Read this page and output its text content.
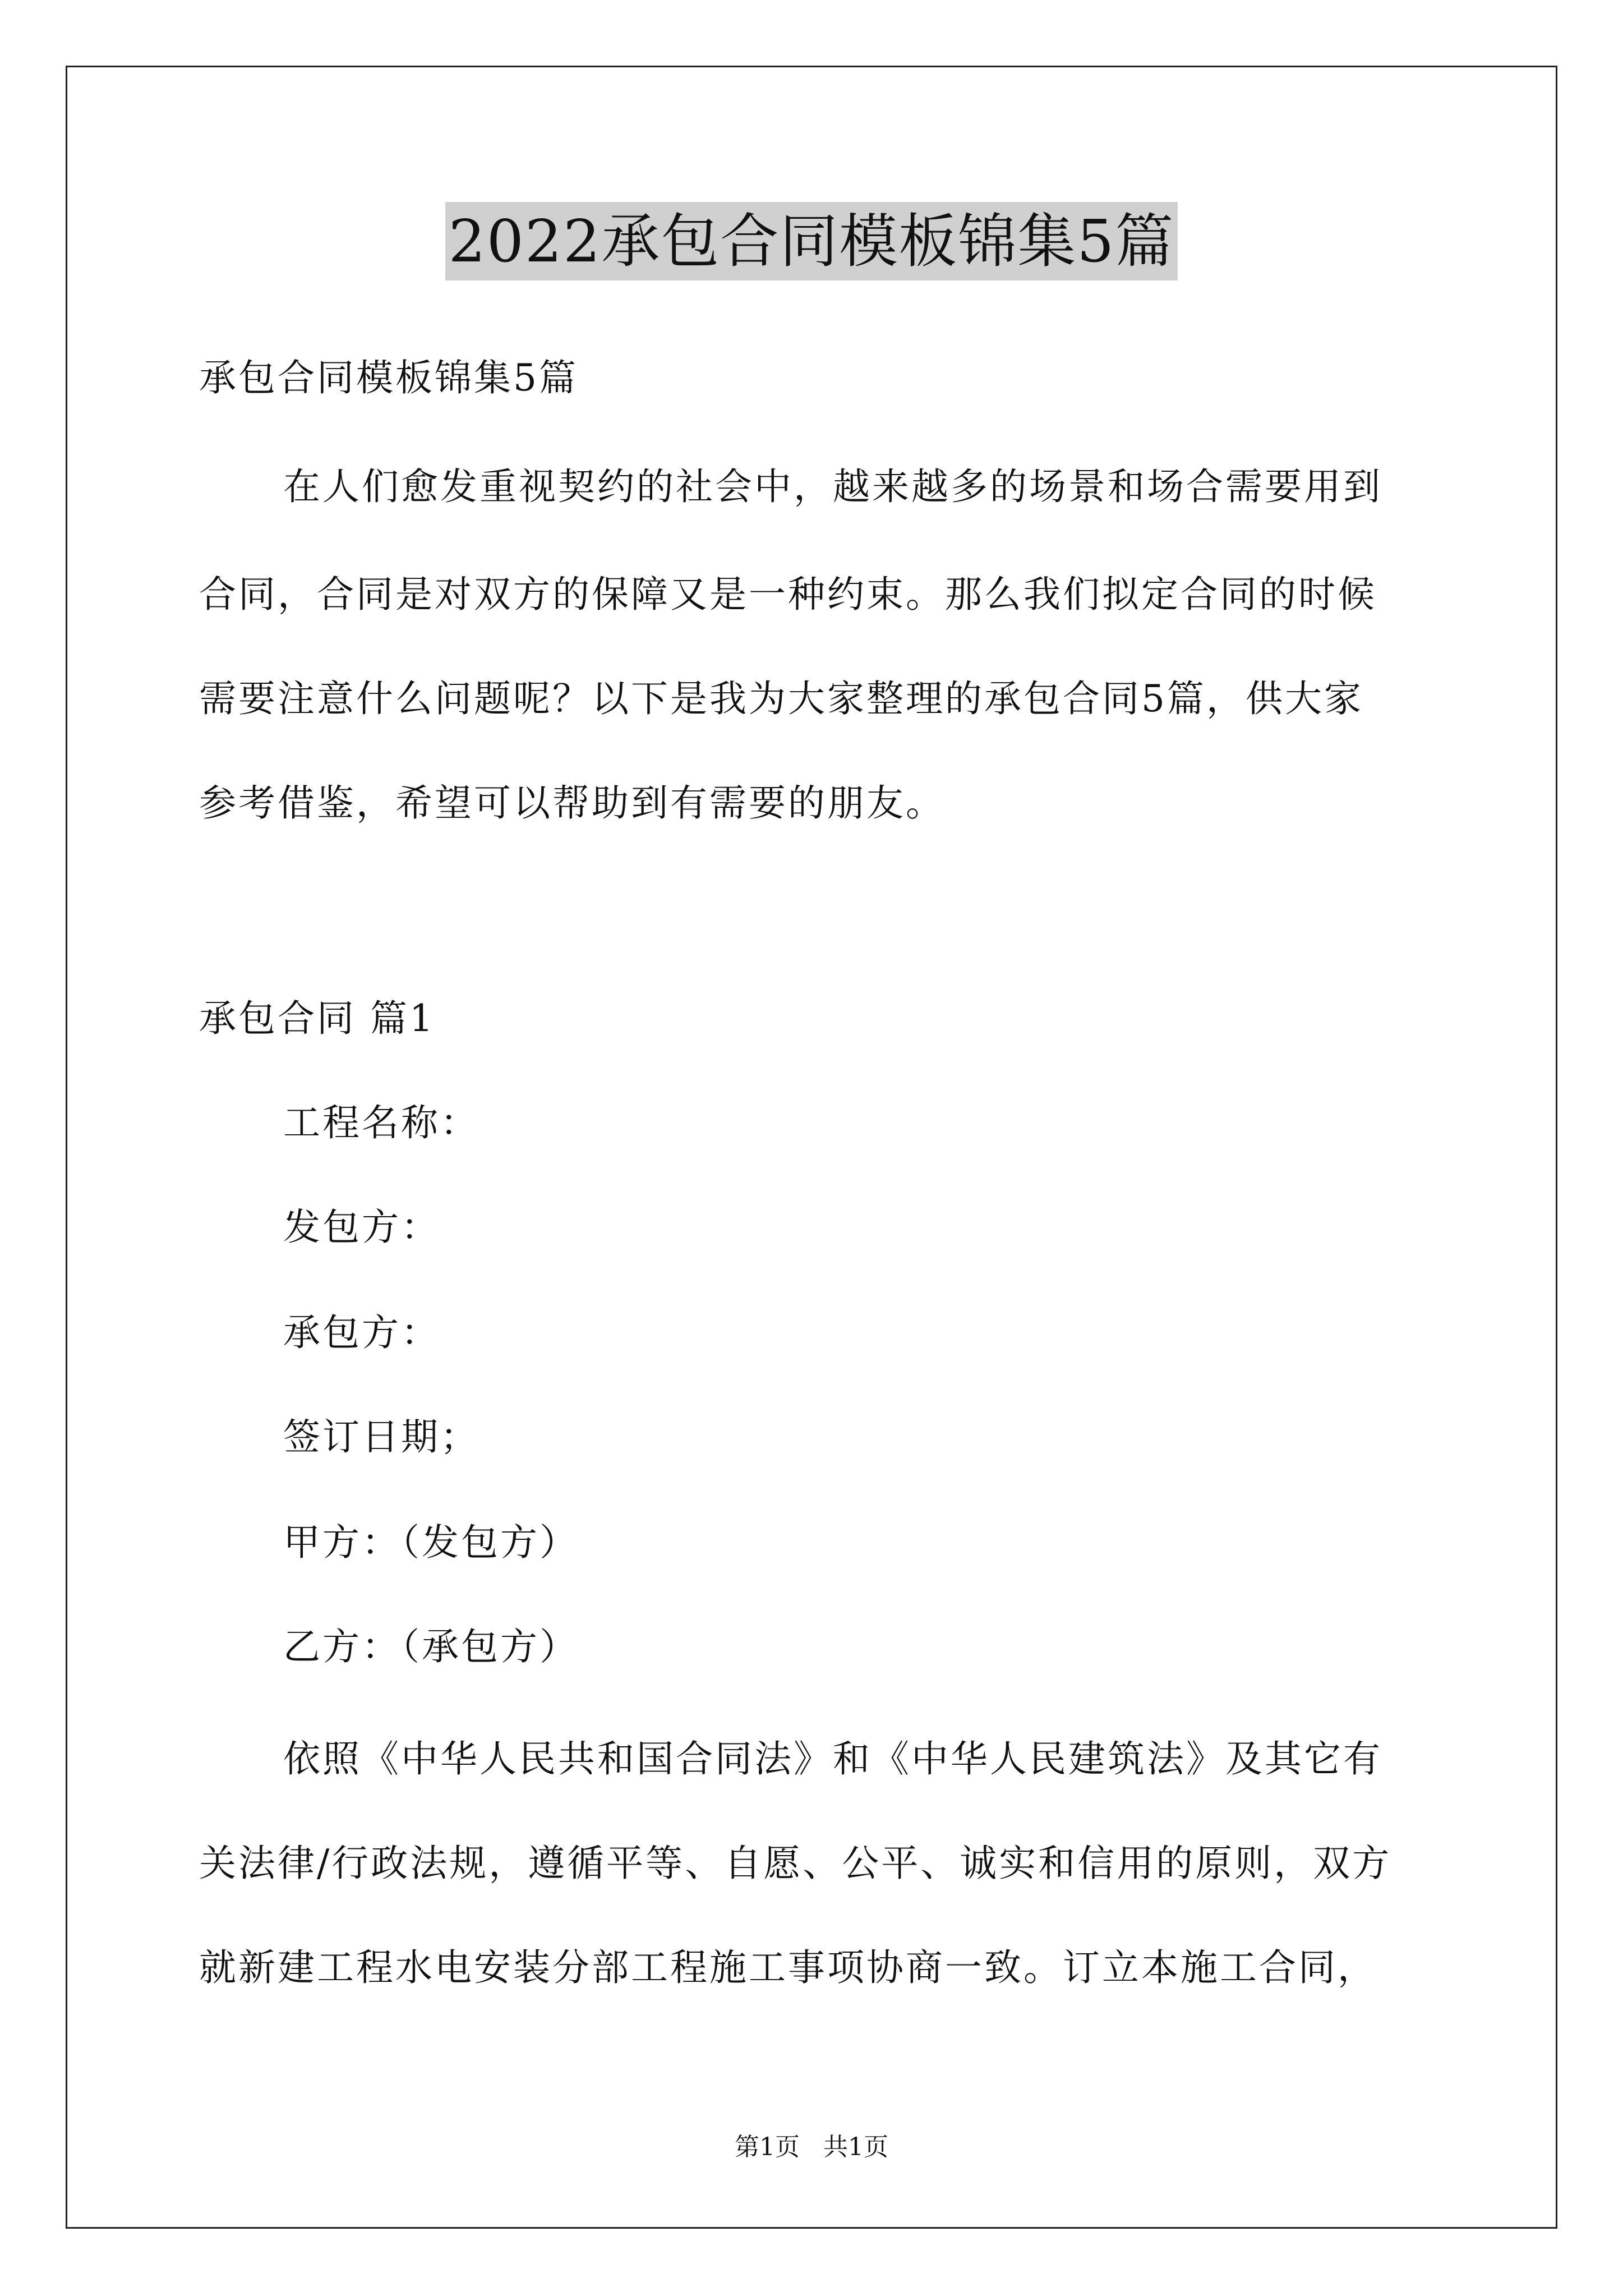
2022承包合同模板锦集5篇
承包合同模板锦集5篇
在人们愈发重视契约的社会中，越来越多的场景和场合需要用到
合同，合同是对双方的保障又是一种约束。那么我们拟定合同的时候
需要注意什么问题呢？以下是我为大家整理的承包合同5篇，供大家
参考借鉴，希望可以帮助到有需要的朋友。
承包合同 篇1
工程名称：
发包方：
承包方：
签订日期；
甲方：（发包方）
乙方：（承包方）
依照《中华人民共和国合同法》和《中华人民建筑法》及其它有
关法律/行政法规，遵循平等、自愿、公平、诚实和信用的原则，双方
就新建工程水电安装分部工程施工事项协商一致。订立本施工合同，
第1页 共1页
